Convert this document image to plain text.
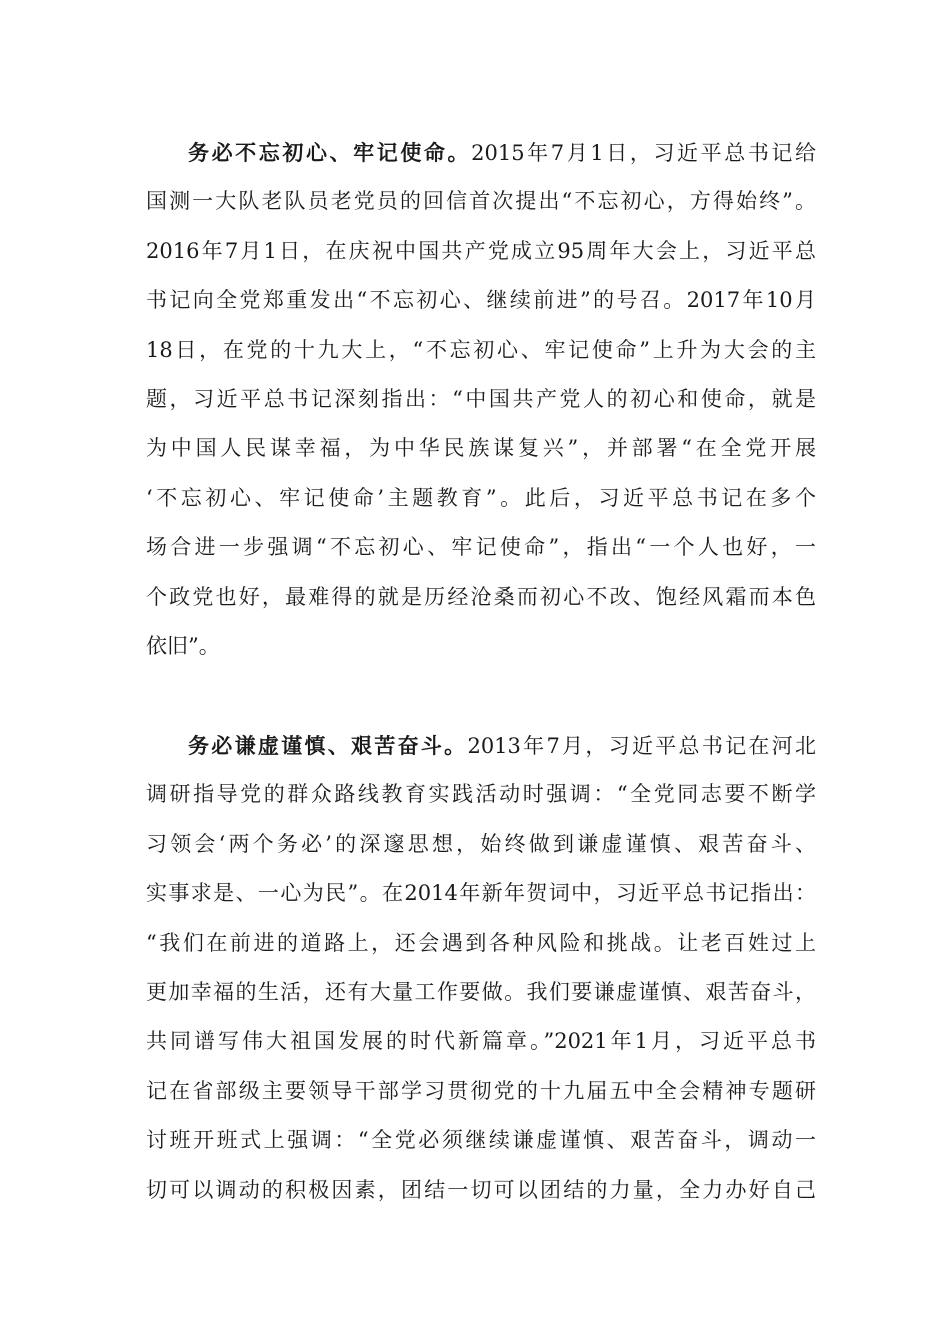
务必不忘初心、牢记使命。2015年7月1日，习近平总书记给
国测一大队老队员老党员的回信首次提出“不忘初心，方得始终”。
2016年7月1日，在庆祝中国共产党成立95周年大会上，习近平总
书记向全党郑重发出“不忘初心、继续前进”的号召。2017年10月
18日，在党的十九大上，“不忘初心、牢记使命”上升为大会的主
题，习近平总书记深刻指出：“中国共产党人的初心和使命，就是
为中国人民谋幸福，为中华民族谋复兴”，并部署“在全党开展
‘不忘初心、牢记使命’主题教育”。此后，习近平总书记在多个
场合进一步强调“不忘初心、牢记使命”，指出“一个人也好，一
个政党也好，最难得的就是历经沧桑而初心不改、饱经风霜而本色
依旧”。
务必谦虚谨慎、艰苦奋斗。2013年7月，习近平总书记在河北
调研指导党的群众路线教育实践活动时强调：“全党同志要不断学
习领会‘两个务必’的深邃思想，始终做到谦虚谨慎、艰苦奋斗、
实事求是、一心为民”。在2014年新年贺词中，习近平总书记指出：
“我们在前进的道路上，还会遇到各种风险和挑战。让老百姓过上
更加幸福的生活，还有大量工作要做。我们要谦虚谨慎、艰苦奋斗，
共同谱写伟大祖国发展的时代新篇章。”2021年1月，习近平总书
记在省部级主要领导干部学习贯彻党的十九届五中全会精神专题研
讨班开班式上强调：“全党必须继续谦虚谨慎、艰苦奋斗，调动一
切可以调动的积极因素，团结一切可以团结的力量，全力办好自己
